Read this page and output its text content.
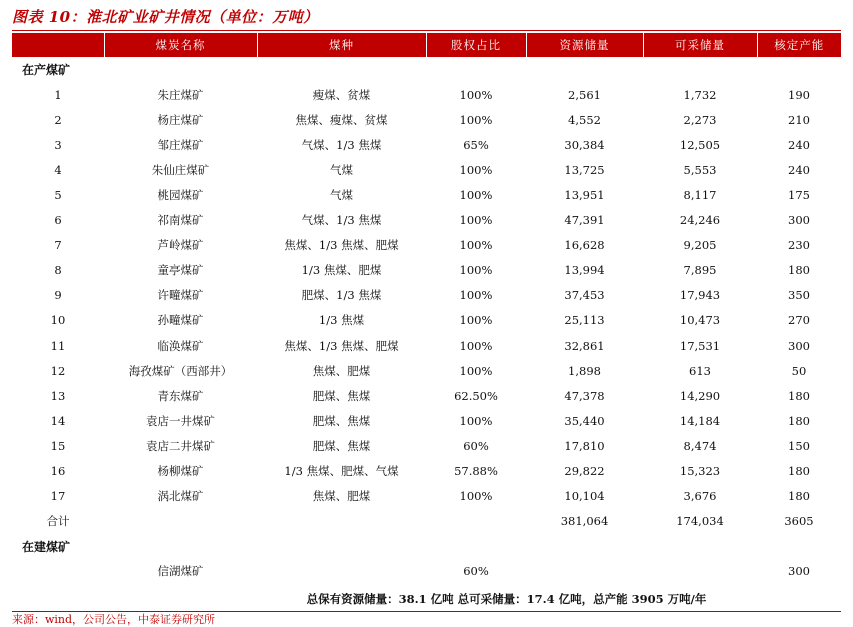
图表 10：淮北矿业矿井情况（单位：万吨）
	煤炭名称	煤种	股权占比	资源储量	可采储量	核定产能
在产煤矿						
1	朱庄煤矿	瘦煤、贫煤	100%	2,561	1,732	190
2	杨庄煤矿	焦煤、瘦煤、贫煤	100%	4,552	2,273	210
3	邹庄煤矿	气煤、1/3 焦煤	65%	30,384	12,505	240
4	朱仙庄煤矿	气煤	100%	13,725	5,553	240
5	桃园煤矿	气煤	100%	13,951	8,117	175
6	祁南煤矿	气煤、1/3 焦煤	100%	47,391	24,246	300
7	芦岭煤矿	焦煤、1/3 焦煤、肥煤	100%	16,628	9,205	230
8	童亭煤矿	1/3 焦煤、肥煤	100%	13,994	7,895	180
9	许疃煤矿	肥煤、1/3 焦煤	100%	37,453	17,943	350
10	孙疃煤矿	1/3 焦煤	100%	25,113	10,473	270
11	临涣煤矿	焦煤、1/3 焦煤、肥煤	100%	32,861	17,531	300
12	海孜煤矿（西部井）	焦煤、肥煤	100%	1,898	613	50
13	青东煤矿	肥煤、焦煤	62.50%	47,378	14,290	180
14	袁店一井煤矿	肥煤、焦煤	100%	35,440	14,184	180
15	袁店二井煤矿	肥煤、焦煤	60%	17,810	8,474	150
16	杨柳煤矿	1/3 焦煤、肥煤、气煤	57.88%	29,822	15,323	180
17	涡北煤矿	焦煤、肥煤	100%	10,104	3,676	180
合计				381,064	174,034	3605
在建煤矿						
	信湖煤矿		60%			300
总保有资源储量：38.1 亿吨 总可采储量：17.4 亿吨，总产能 3905 万吨/年
来源：wind，公司公告，中泰证券研究所
